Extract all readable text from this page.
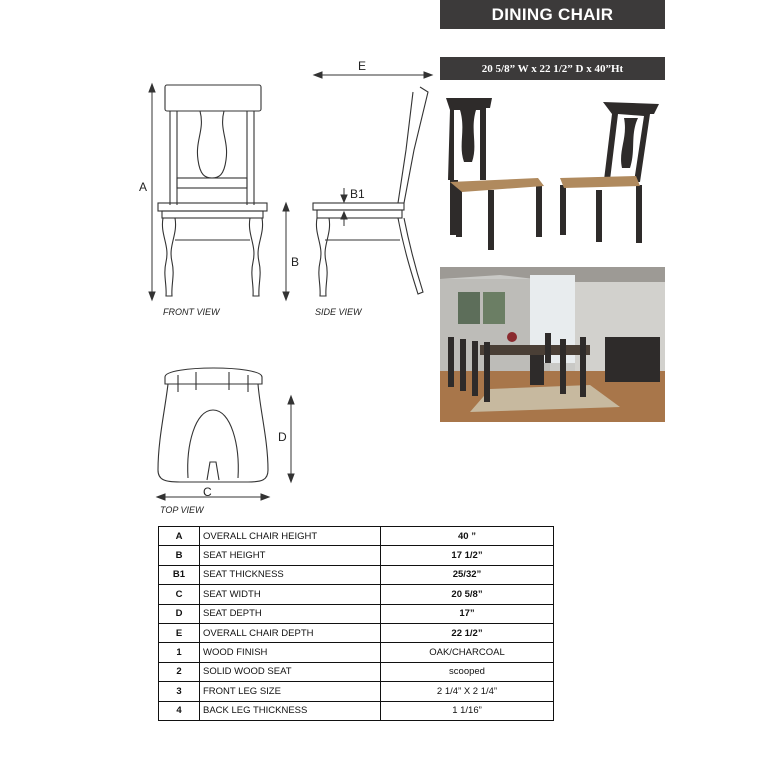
DINING CHAIR
20 5/8” W x 22 1/2” D x 40”Ht
A
B
B1
E
C
D
FRONT VIEW	SIDE VIEW
TOP VIEW
A	OVERALL CHAIR HEIGHT	40 ”
B	SEAT HEIGHT	17 1/2”
B1	SEAT THICKNESS	25/32”
C	SEAT WIDTH	20 5/8”
D	SEAT DEPTH	17”
E	OVERALL CHAIR DEPTH	22 1/2”
1	WOOD FINISH	OAK/CHARCOAL
2	SOLID WOOD SEAT	scooped
3	FRONT LEG SIZE	2 1/4” X 2 1/4”
4	BACK LEG THICKNESS	1 1/16”
